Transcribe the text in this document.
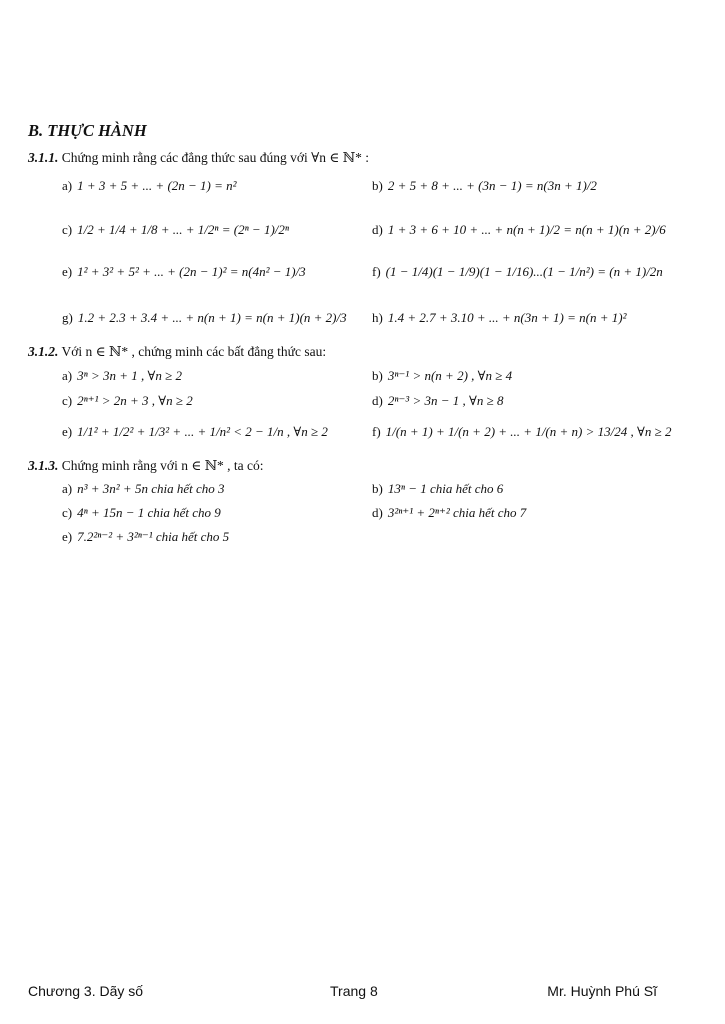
B. THỰC HÀNH
3.1.1. Chứng minh rằng các đẳng thức sau đúng với ∀n ∈ ℕ* :
a) 1 + 3 + 5 + ... + (2n − 1) = n²	b) 2 + 5 + 8 + ... + (3n − 1) = n(3n + 1)/2
c) 1/2 + 1/4 + 1/8 + ... + 1/2ⁿ = (2ⁿ − 1)/2ⁿ	d) 1 + 3 + 6 + 10 + ... + n(n + 1)/2 = n(n + 1)(n + 2)/6
e) 1² + 3² + 5² + ... + (2n − 1)² = n(4n² − 1)/3	f) (1 − 1/4)(1 − 1/9)(1 − 1/16)...(1 − 1/n²) = (n + 1)/2n
g) 1.2 + 2.3 + 3.4 + ... + n(n + 1) = n(n + 1)(n + 2)/3 h) 1.4 + 2.7 + 3.10 + ... + n(3n + 1) = n(n + 1)²
3.1.2. Với n ∈ ℕ* , chứng minh các bất đẳng thức sau:
a) 3ⁿ > 3n + 1 , ∀n ≥ 2	b) 3ⁿ⁻¹ > n(n + 2) , ∀n ≥ 4
c) 2ⁿ⁺¹ > 2n + 3 , ∀n ≥ 2	d) 2ⁿ⁻³ > 3n − 1 , ∀n ≥ 8
e) 1/1² + 1/2² + 1/3² + ... + 1/n² < 2 − 1/n , ∀n ≥ 2	f) 1/(n + 1) + 1/(n + 2) + ... + 1/(n + n) > 13/24 , ∀n ≥ 2
3.1.3. Chứng minh rằng với n ∈ ℕ* , ta có:
a) n³ + 3n² + 5n chia hết cho 3	b) 13ⁿ − 1 chia hết cho 6
c) 4ⁿ + 15n − 1 chia hết cho 9	d) 3²ⁿ⁺¹ + 2ⁿ⁺² chia hết cho 7
e) 7.2²ⁿ⁻² + 3²ⁿ⁻¹ chia hết cho 5
Chương 3. Dãy số	Trang 8	Mr. Huỳnh Phú Sĩ
